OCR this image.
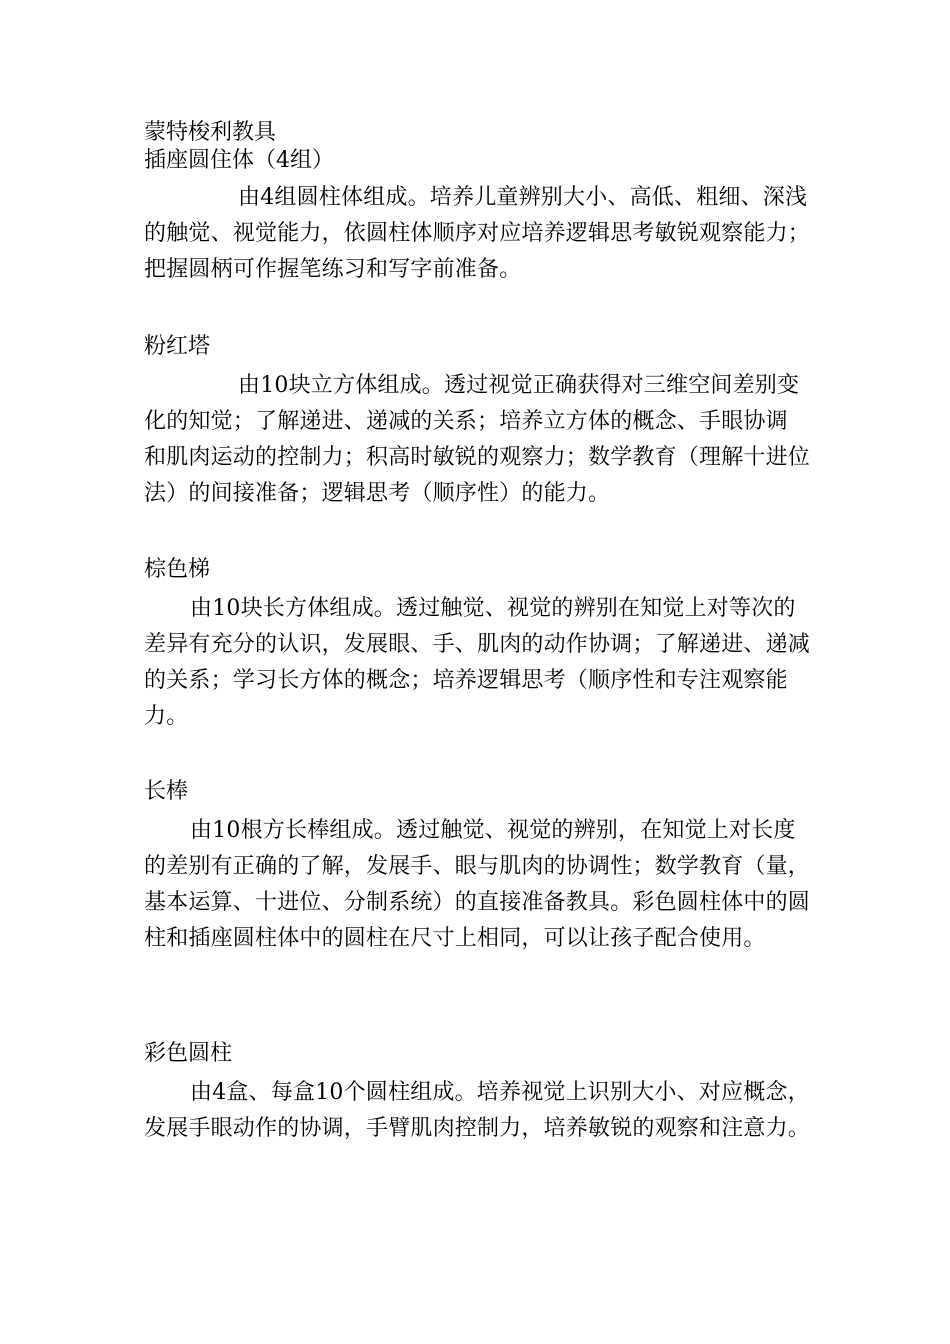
蒙特梭利教具
插座圆住体（4组）

由4组圆柱体组成。培养儿童辨别大小、高低、粗细、深浅的触觉、视觉能力，依圆柱体顺序对应培养逻辑思考敏锐观察能力；把握圆柄可作握笔练习和写字前准备。

粉红塔

由10块立方体组成。透过视觉正确获得对三维空间差别变化的知觉；了解递进、递减的关系；培养立方体的概念、手眼协调 和肌肉运动的控制力；积高时敏锐的观察力；数学教育（理解十进位法）的间接准备；逻辑思考（顺序性）的能力。

棕色梯

由10块长方体组成。透过触觉、视觉的辨别在知觉上对等次的差异有充分的认识，发展眼、手、肌肉的动作协调；了解递进、递减的关系；学习长方体的概念；培养逻辑思考（顺序性和专注观察能力。

长棒

由10根方长棒组成。透过触觉、视觉的辨别，在知觉上对长度的差别有正确的了解，发展手、眼与肌肉的协调性；数学教育（量，基本运算、十进位、分制系统）的直接准备教具。彩色圆柱体中的圆柱和插座圆柱体中的圆柱在尺寸上相同，可以让孩子配合使用。

彩色圆柱

由4盒、每盒10个圆柱组成。培养视觉上识别大小、对应概念，发展手眼动作的协调，手臂肌肉控制力，培养敏锐的观察和注意力。
